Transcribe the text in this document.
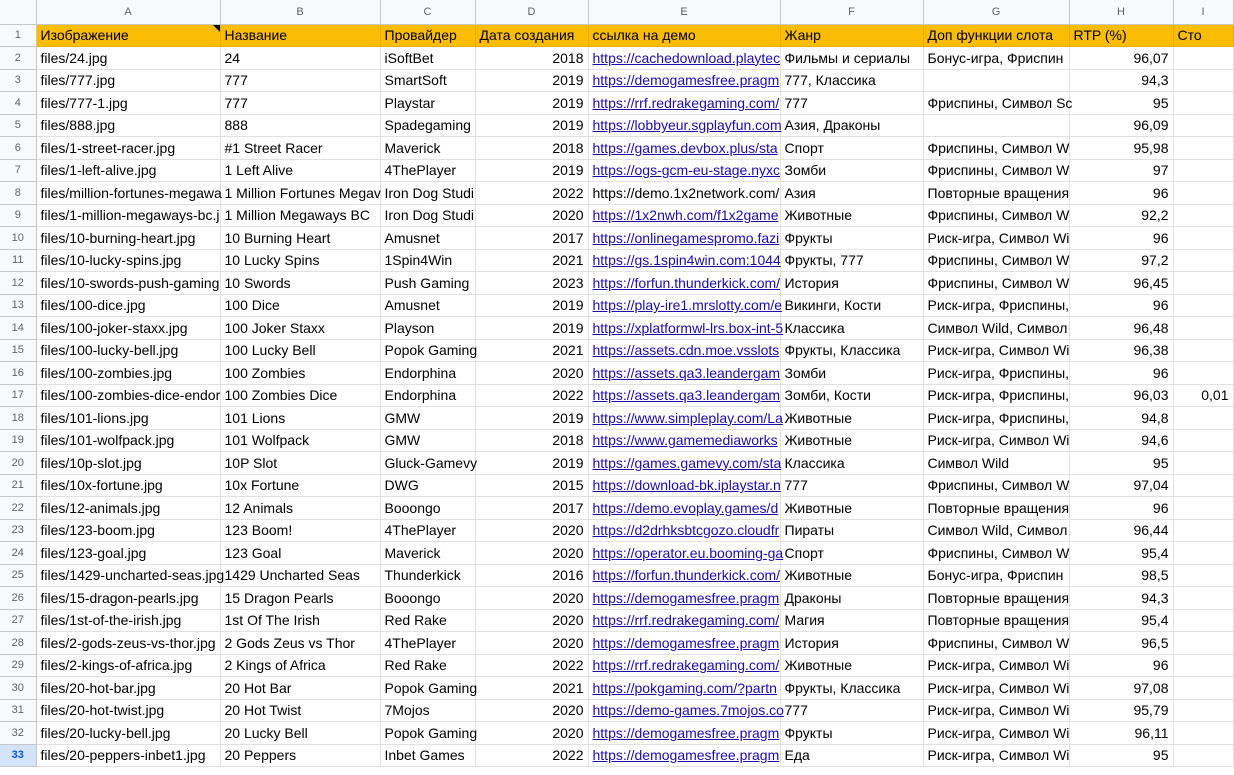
	A	B	C	D	E	F	G	H	I
1	Изображение	Название	Провайдер	Дата создания	ссылка на демо	Жанр	Доп функции слота	RTP (%)	Сто
2	files/24.jpg	24	iSoftBet	2018	https://cachedownload.playtec	Фильмы и сериалы	Бонус-игра, Фриспин	96,07	
3	files/777.jpg	777	SmartSoft	2019	https://demogamesfree.pragm	777, Классика		94,3	
4	files/777-1.jpg	777	Playstar	2019	https://rrf.redrakegaming.com/	777	Фриспины, Символ Sc	95	
5	files/888.jpg	888	Spadegaming	2019	https://lobbyeur.sgplayfun.com	Азия, Драконы		96,09	
6	files/1-street-racer.jpg	#1 Street Racer	Maverick	2018	https://games.devbox.plus/sta	Спорт	Фриспины, Символ W	95,98	
7	files/1-left-alive.jpg	1 Left Alive	4ThePlayer	2019	https://ogs-gcm-eu-stage.nyxc	Зомби	Фриспины, Символ W	97	
8	files/million-fortunes-megawa	1 Million Fortunes Megav	Iron Dog Studi	2022	https://demo.1x2network.com/	Азия	Повторные вращения	96	
9	files/1-million-megaways-bc.j	1 Million Megaways BC	Iron Dog Studi	2020	https://1x2nwh.com/f1x2game	Животные	Фриспины, Символ W	92,2	
10	files/10-burning-heart.jpg	10 Burning Heart	Amusnet	2017	https://onlinegamespromo.fazi	Фрукты	Риск-игра, Символ Wi	96	
11	files/10-lucky-spins.jpg	10 Lucky Spins	1Spin4Win	2021	https://gs.1spin4win.com:1044	Фрукты, 777	Фриспины, Символ W	97,2	
12	files/10-swords-push-gaming	10 Swords	Push Gaming	2023	https://forfun.thunderkick.com/	История	Фриспины, Символ W	96,45	
13	files/100-dice.jpg	100 Dice	Amusnet	2019	https://play-ire1.mrslotty.com/e	Викинги, Кости	Риск-игра, Фриспины,	96	
14	files/100-joker-staxx.jpg	100 Joker Staxx	Playson	2019	https://xplatformwl-lrs.box-int-5	Классика	Символ Wild, Символ	96,48	
15	files/100-lucky-bell.jpg	100 Lucky Bell	Popok Gaming	2021	https://assets.cdn.moe.vsslots	Фрукты, Классика	Риск-игра, Символ Wi	96,38	
16	files/100-zombies.jpg	100 Zombies	Endorphina	2020	https://assets.qa3.leandergam	Зомби	Риск-игра, Фриспины,	96	
17	files/100-zombies-dice-endor	100 Zombies Dice	Endorphina	2022	https://assets.qa3.leandergam	Зомби, Кости	Риск-игра, Фриспины,	96,03	0,01
18	files/101-lions.jpg	101 Lions	GMW	2019	https://www.simpleplay.com/La	Животные	Риск-игра, Фриспины,	94,8	
19	files/101-wolfpack.jpg	101 Wolfpack	GMW	2018	https://www.gamemediaworks	Животные	Риск-игра, Символ Wi	94,6	
20	files/10p-slot.jpg	10P Slot	Gluck-Gamevy	2019	https://games.gamevy.com/sta	Классика	Символ Wild	95	
21	files/10x-fortune.jpg	10x Fortune	DWG	2015	https://download-bk.iplaystar.n	777	Фриспины, Символ W	97,04	
22	files/12-animals.jpg	12 Animals	Booongo	2017	https://demo.evoplay.games/d	Животные	Повторные вращения	96	
23	files/123-boom.jpg	123 Boom!	4ThePlayer	2020	https://d2drhksbtcgozo.cloudfr	Пираты	Символ Wild, Символ	96,44	
24	files/123-goal.jpg	123 Goal	Maverick	2020	https://operator.eu.booming-ga	Спорт	Фриспины, Символ W	95,4	
25	files/1429-uncharted-seas.jpg	1429 Uncharted Seas	Thunderkick	2016	https://forfun.thunderkick.com/	Животные	Бонус-игра, Фриспин	98,5	
26	files/15-dragon-pearls.jpg	15 Dragon Pearls	Booongo	2020	https://demogamesfree.pragm	Драконы	Повторные вращения	94,3	
27	files/1st-of-the-irish.jpg	1st Of The Irish	Red Rake	2020	https://rrf.redrakegaming.com/	Магия	Повторные вращения	95,4	
28	files/2-gods-zeus-vs-thor.jpg	2 Gods Zeus vs Thor	4ThePlayer	2020	https://demogamesfree.pragm	История	Фриспины, Символ W	96,5	
29	files/2-kings-of-africa.jpg	2 Kings of Africa	Red Rake	2022	https://rrf.redrakegaming.com/	Животные	Риск-игра, Символ Wi	96	
30	files/20-hot-bar.jpg	20 Hot Bar	Popok Gaming	2021	https://pokgaming.com/?partn	Фрукты, Классика	Риск-игра, Символ Wi	97,08	
31	files/20-hot-twist.jpg	20 Hot Twist	7Mojos	2020	https://demo-games.7mojos.co	777	Риск-игра, Символ Wi	95,79	
32	files/20-lucky-bell.jpg	20 Lucky Bell	Popok Gaming	2020	https://demogamesfree.pragm	Фрукты	Риск-игра, Символ Wi	96,11	
33	files/20-peppers-inbet1.jpg	20 Peppers	Inbet Games	2022	https://demogamesfree.pragm	Еда	Риск-игра, Символ Wi	95	
